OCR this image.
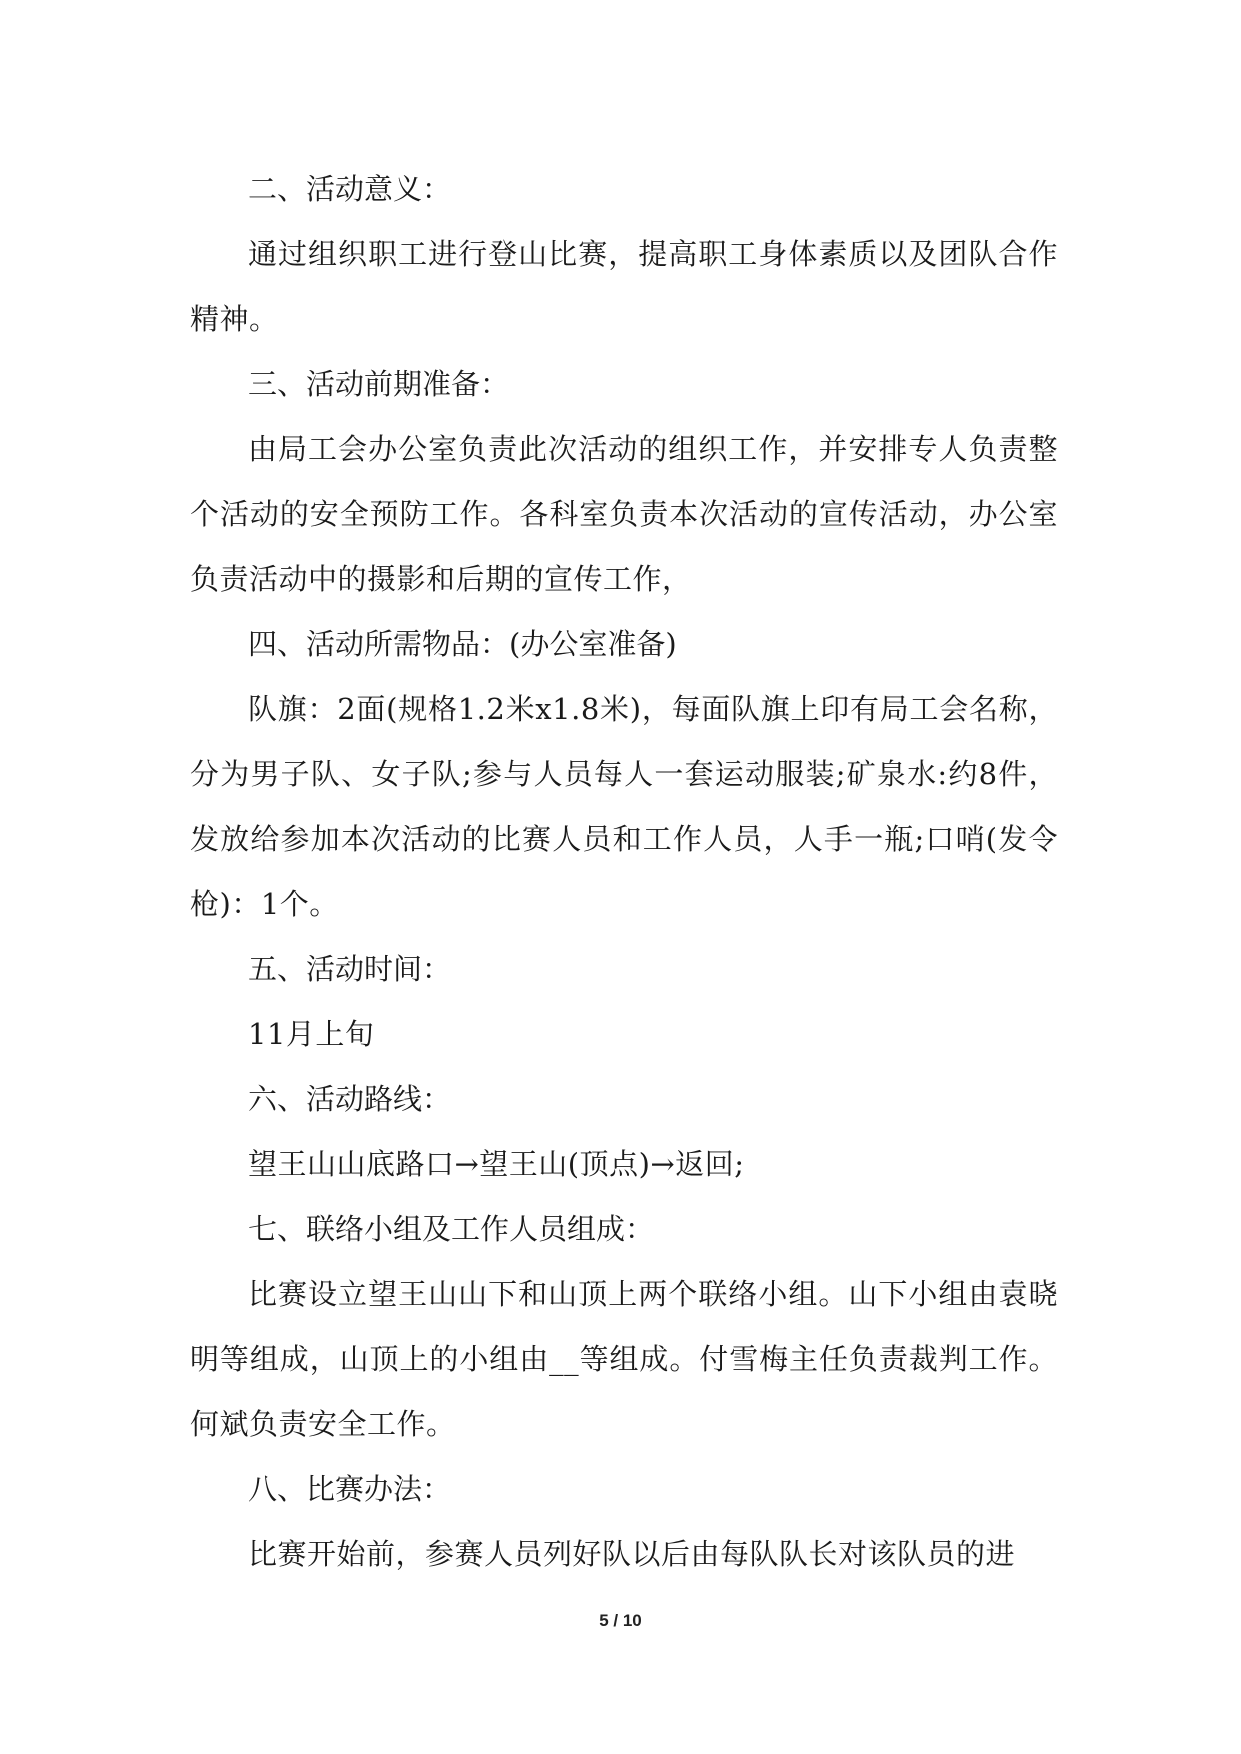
二、活动意义：

通过组织职工进行登山比赛，提高职工身体素质以及团队合作精神。

三、活动前期准备：

由局工会办公室负责此次活动的组织工作，并安排专人负责整个活动的安全预防工作。各科室负责本次活动的宣传活动，办公室负责活动中的摄影和后期的宣传工作，

四、活动所需物品：(办公室准备)

队旗：2面(规格1.2米x1.8米)，每面队旗上印有局工会名称，分为男子队、女子队;参与人员每人一套运动服装;矿泉水:约8件，发放给参加本次活动的比赛人员和工作人员，人手一瓶;口哨(发令枪)：1个。

五、活动时间：

11月上旬

六、活动路线：

望王山山底路口→望王山(顶点)→返回;

七、联络小组及工作人员组成：

比赛设立望王山山下和山顶上两个联络小组。山下小组由袁晓明等组成，山顶上的小组由__等组成。付雪梅主任负责裁判工作。何斌负责安全工作。

八、比赛办法：

比赛开始前，参赛人员列好队以后由每队队长对该队员的进

5 / 10
